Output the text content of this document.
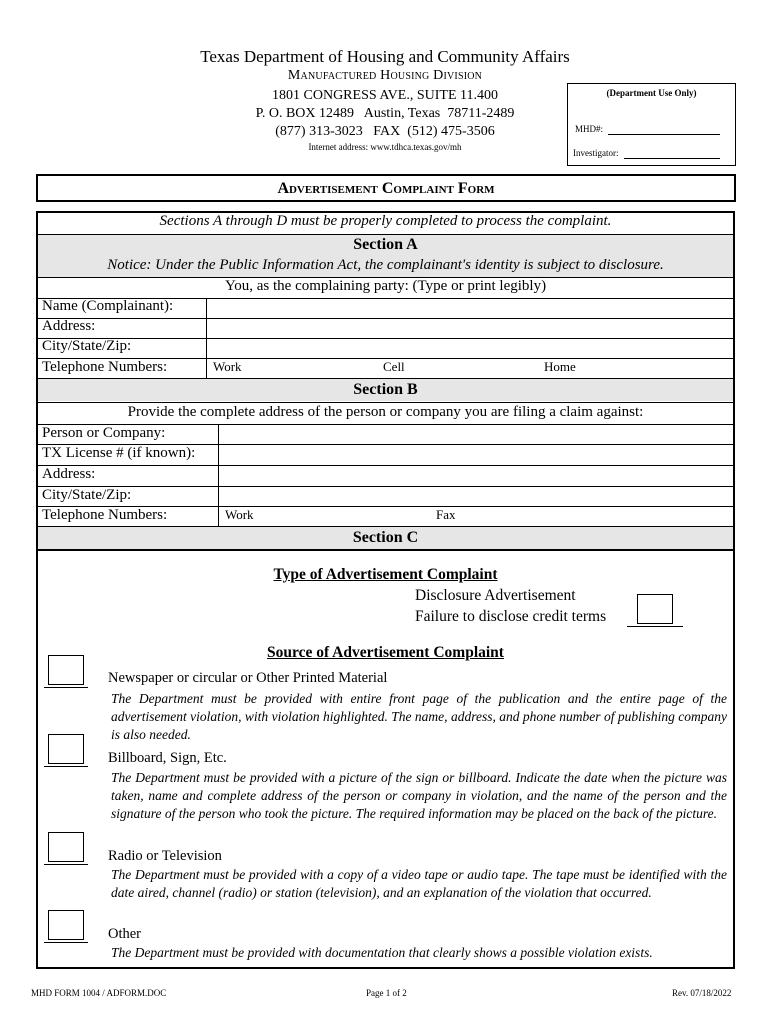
Texas Department of Housing and Community Affairs
Manufactured Housing Division
1801 CONGRESS AVE., SUITE 11.400
P. O. BOX 12489   Austin, Texas  78711-2489
(877) 313-3023   FAX  (512) 475-3506
Internet address: www.tdhca.texas.gov/mh
(Department Use Only)
MHD#:
Investigator:
Advertisement Complaint Form
Sections A through D must be properly completed to process the complaint.
Section A
Notice: Under the Public Information Act, the complainant's identity is subject to disclosure.
You, as the complaining party: (Type or print legibly)
Name (Complainant):
Address:
City/State/Zip:
Telephone Numbers:	Work	Cell	Home
Section B
Provide the complete address of the person or company you are filing a claim against:
Person or Company:
TX License # (if known):
Address:
City/State/Zip:
Telephone Numbers:	Work	Fax
Section C
Type of Advertisement Complaint
Disclosure Advertisement
Failure to disclose credit terms
Source of Advertisement Complaint
Newspaper or circular or Other Printed Material
The Department must be provided with entire front page of the publication and the entire page of the advertisement violation, with violation highlighted. The name, address, and phone number of publishing company is also needed.
Billboard, Sign, Etc.
The Department must be provided with a picture of the sign or billboard. Indicate the date when the picture was taken, name and complete address of the person or company in violation, and the name of the person and the signature of the person who took the picture. The required information may be placed on the back of the picture.
Radio or Television
The Department must be provided with a copy of a video tape or audio tape. The tape must be identified with the date aired, channel (radio) or station (television), and an explanation of the violation that occurred.
Other
The Department must be provided with documentation that clearly shows a possible violation exists.
MHD FORM 1004 / ADFORM.DOC	Page 1 of 2	Rev. 07/18/2022
